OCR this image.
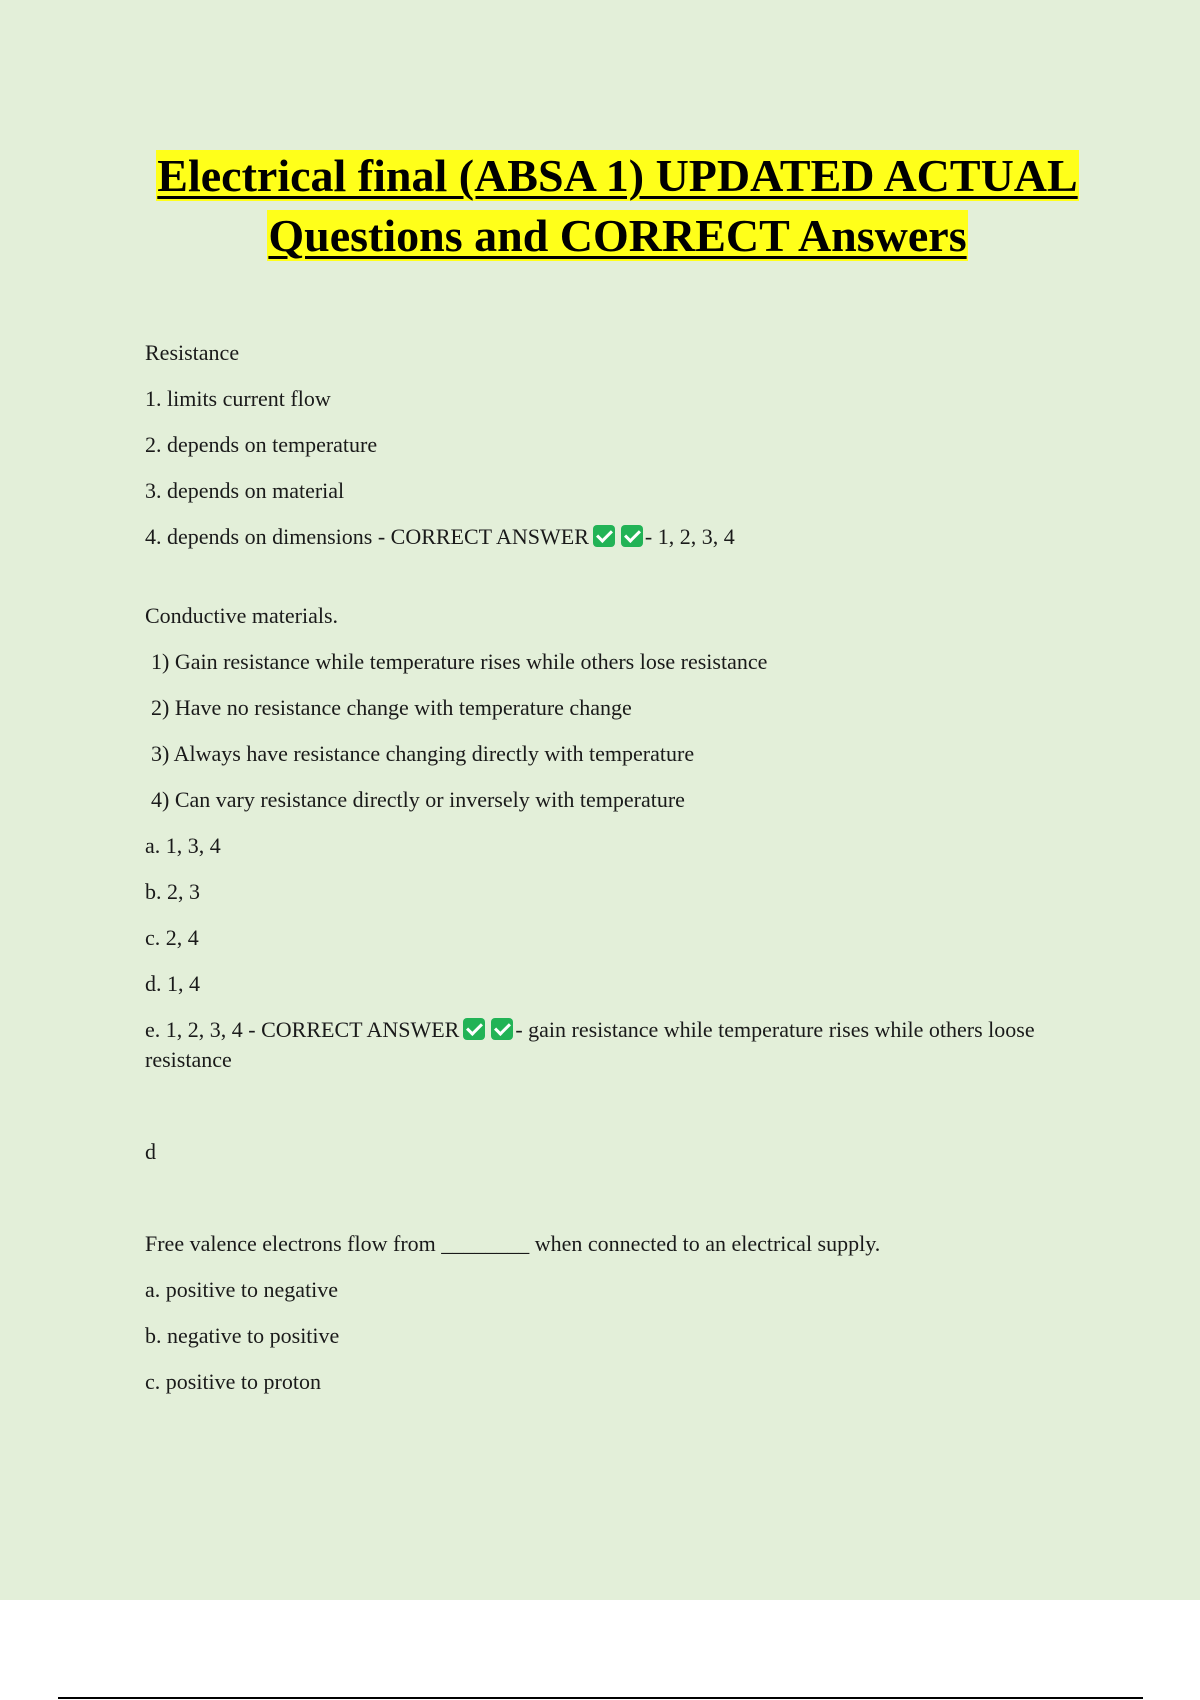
Electrical final (ABSA 1) UPDATED ACTUAL Questions and CORRECT Answers

Resistance

1. limits current flow

2. depends on temperature

3. depends on material

4. depends on dimensions - CORRECT ANSWER	- 1, 2, 3, 4

Conductive materials.

1) Gain resistance while temperature rises while others lose resistance

2) Have no resistance change with temperature change

3) Always have resistance changing directly with temperature

4) Can vary resistance directly or inversely with temperature

a. 1, 3, 4

b. 2, 3

c. 2, 4

d. 1, 4

e. 1, 2, 3, 4 - CORRECT ANSWER	- gain resistance while temperature rises while others loose resistance

d

Free valence electrons flow from ________ when connected to an electrical supply.

a. positive to negative

b. negative to positive

c. positive to proton
